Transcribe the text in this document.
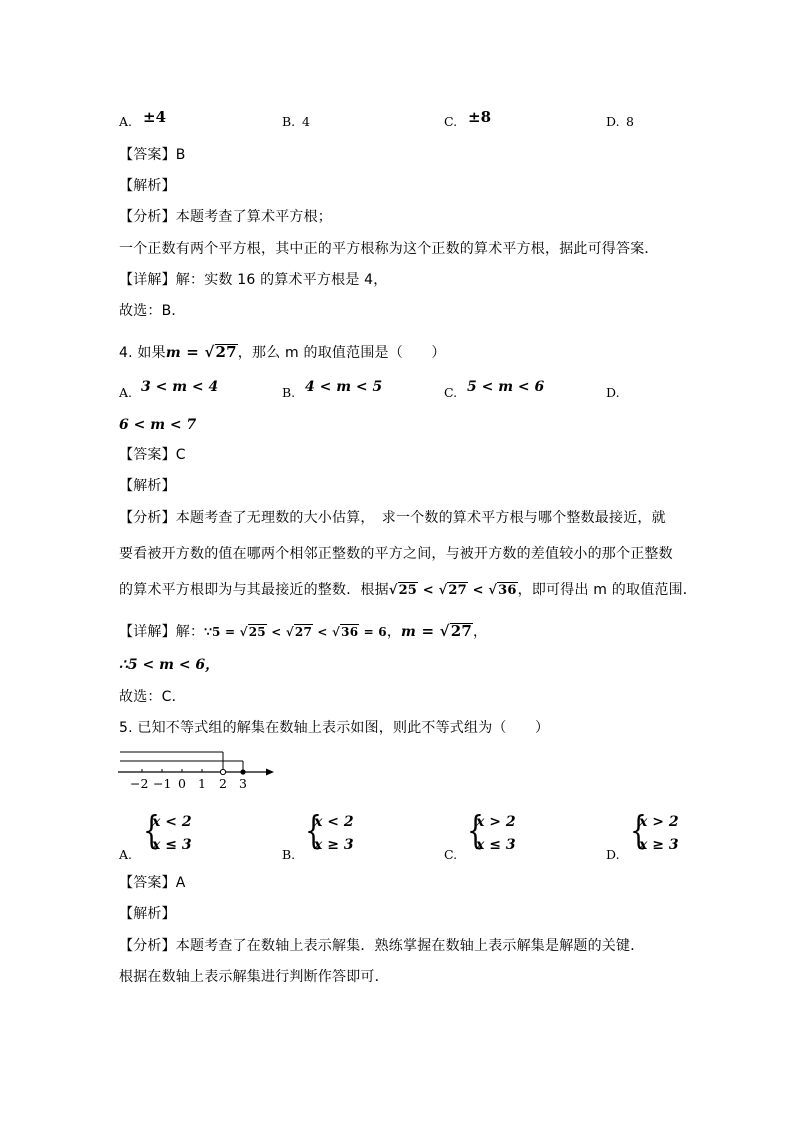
A. ±4	B. 4	C. ±8	D. 8
【答案】B
【解析】
【分析】本题考查了算术平方根；
一个正数有两个平方根，其中正的平方根称为这个正数的算术平方根，据此可得答案．
【详解】解：实数 16 的算术平方根是 4，
故选：B．
4. 如果m = √27，那么 m 的取值范围是（　　）
A. 3 < m < 4	B. 4 < m < 5	C. 5 < m < 6	D.
6 < m < 7
【答案】C
【解析】
【分析】本题考查了无理数的大小估算，　求一个数的算术平方根与哪个整数最接近，就
要看被开方数的值在哪两个相邻正整数的平方之间，与被开方数的差值较小的那个正整数
的算术平方根即为与其最接近的整数．根据√25 < √27 < √36，即可得出 m 的取值范围．
【详解】解：∵5 = √25 < √27 < √36 = 6，m = √27，
∴5 < m < 6，
故选：C．
5. 已知不等式组的解集在数轴上表示如图，则此不等式组为（　　）
−2 −1 0 1 2 3
A.
{
x < 2
x ≤ 3
B.
{
x < 2
x ≥ 3
C.
{
x > 2
x ≤ 3
D.
{
x > 2
x ≥ 3
【答案】A
【解析】
【分析】本题考查了在数轴上表示解集．熟练掌握在数轴上表示解集是解题的关键．
根据在数轴上表示解集进行判断作答即可．
